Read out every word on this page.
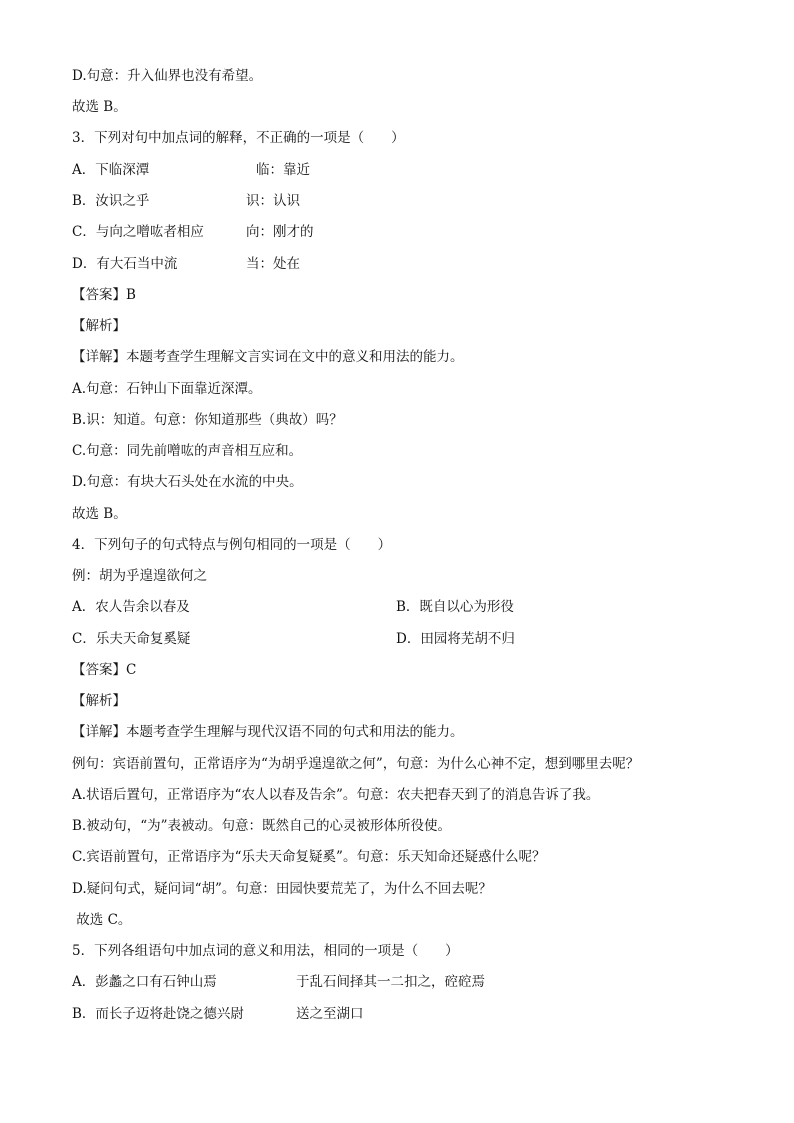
D.句意：升入仙界也没有希望。
故选 B。
3．下列对句中加点词的解释，不正确的一项是（　　）
A．下临深潭	临：靠近
B．汝识之乎	识：认识
C．与向之噌吰者相应	向：刚才的
D．有大石当中流	当：处在
【答案】B
【解析】
【详解】本题考查学生理解文言实词在文中的意义和用法的能力。
A.句意：石钟山下面靠近深潭。
B.识：知道。句意：你知道那些（典故）吗？
C.句意：同先前噌吰的声音相互应和。
D.句意：有块大石头处在水流的中央。
故选 B。
4．下列句子的句式特点与例句相同的一项是（　　）
例：胡为乎遑遑欲何之
A．农人告余以春及	B．既自以心为形役
C．乐夫天命复奚疑	D．田园将芜胡不归
【答案】C
【解析】
【详解】本题考查学生理解与现代汉语不同的句式和用法的能力。
例句：宾语前置句，正常语序为“为胡乎遑遑欲之何”，句意：为什么心神不定，想到哪里去呢？
A.状语后置句，正常语序为“农人以春及告余”。句意：农夫把春天到了的消息告诉了我。
B.被动句，“为”表被动。句意：既然自己的心灵被形体所役使。
C.宾语前置句，正常语序为“乐夫天命复疑奚”。句意：乐天知命还疑惑什么呢？
D.疑问句式，疑问词“胡”。句意：田园快要荒芜了，为什么不回去呢？
故选 C。
5．下列各组语句中加点词的意义和用法，相同的一项是（　　）
A．彭蠡之口有石钟山焉	于乱石间择其一二扣之，硿硿焉
B．而长子迈将赴饶之德兴尉	送之至湖口
